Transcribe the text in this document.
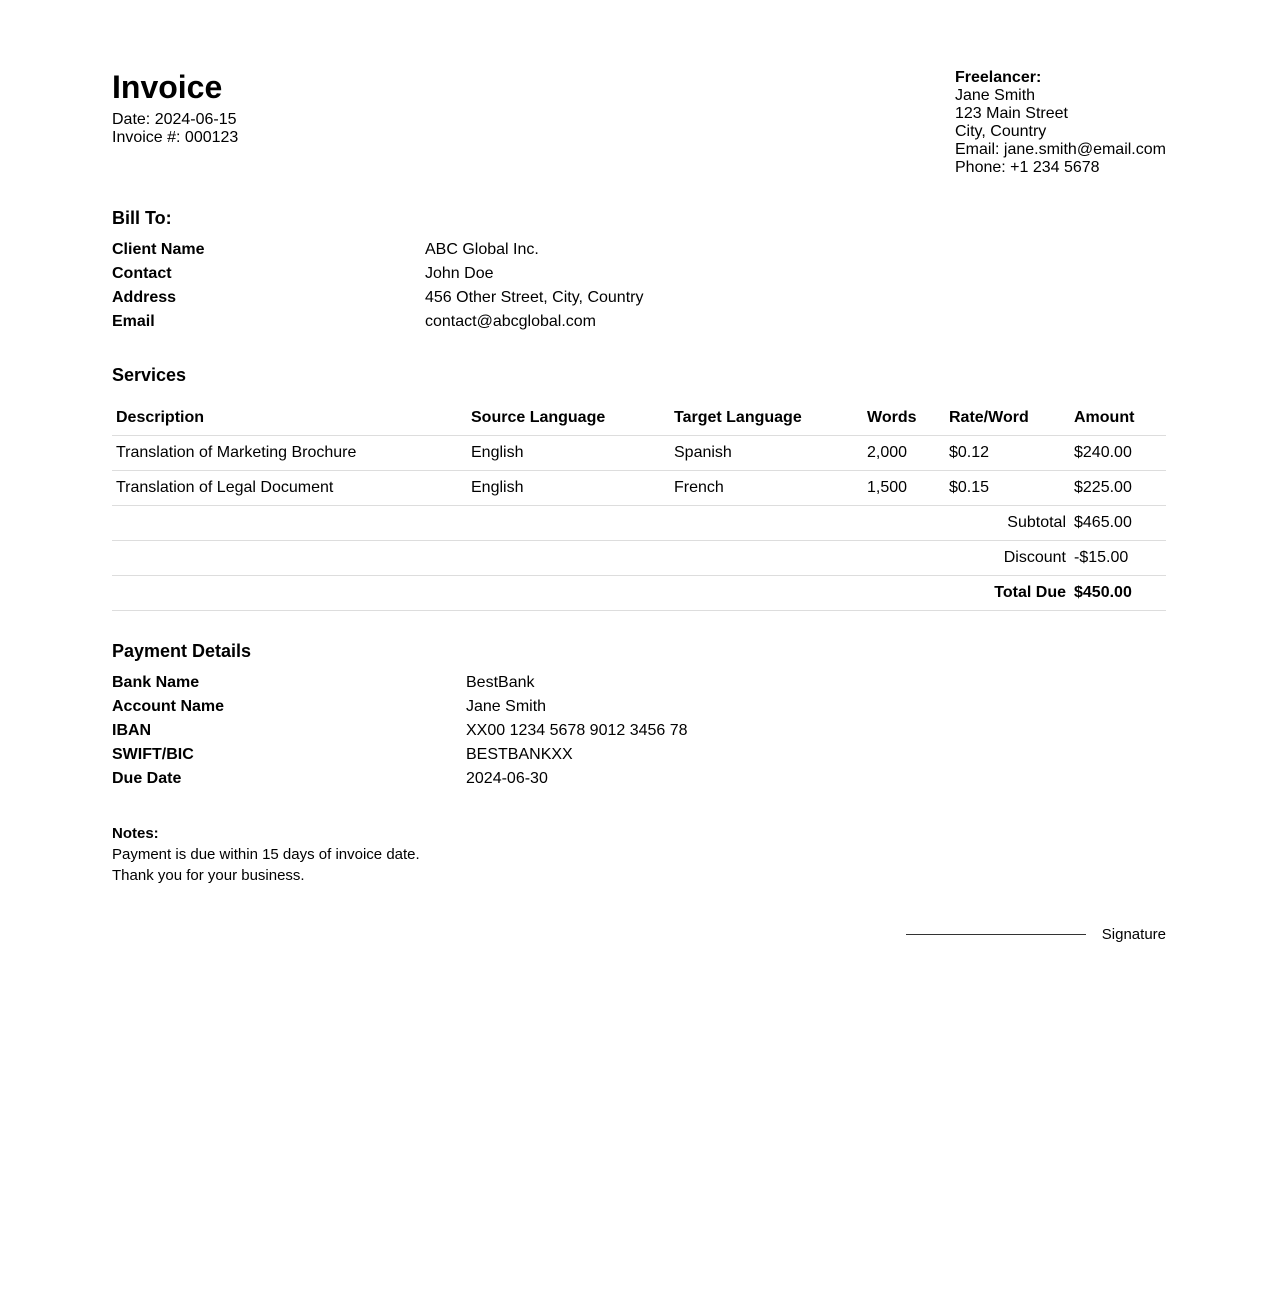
Invoice
Date: 2024-06-15
Invoice #: 000123
Freelancer:
Jane Smith
123 Main Street
City, Country
Email: jane.smith@email.com
Phone: +1 234 5678
Bill To:
Client Name	ABC Global Inc.
Contact	John Doe
Address	456 Other Street, City, Country
Email	contact@abcglobal.com
Services
Description	Source Language	Target Language	Words	Rate/Word	Amount
Translation of Marketing Brochure	English	Spanish	2,000	$0.12	$240.00
Translation of Legal Document	English	French	1,500	$0.15	$225.00
Subtotal					$465.00
Discount					-$15.00
Total Due					$450.00
Payment Details
Bank Name	BestBank
Account Name	Jane Smith
IBAN	XX00 1234 5678 9012 3456 78
SWIFT/BIC	BESTBANKXX
Due Date	2024-06-30
Notes:
Payment is due within 15 days of invoice date.
Thank you for your business.
Signature
